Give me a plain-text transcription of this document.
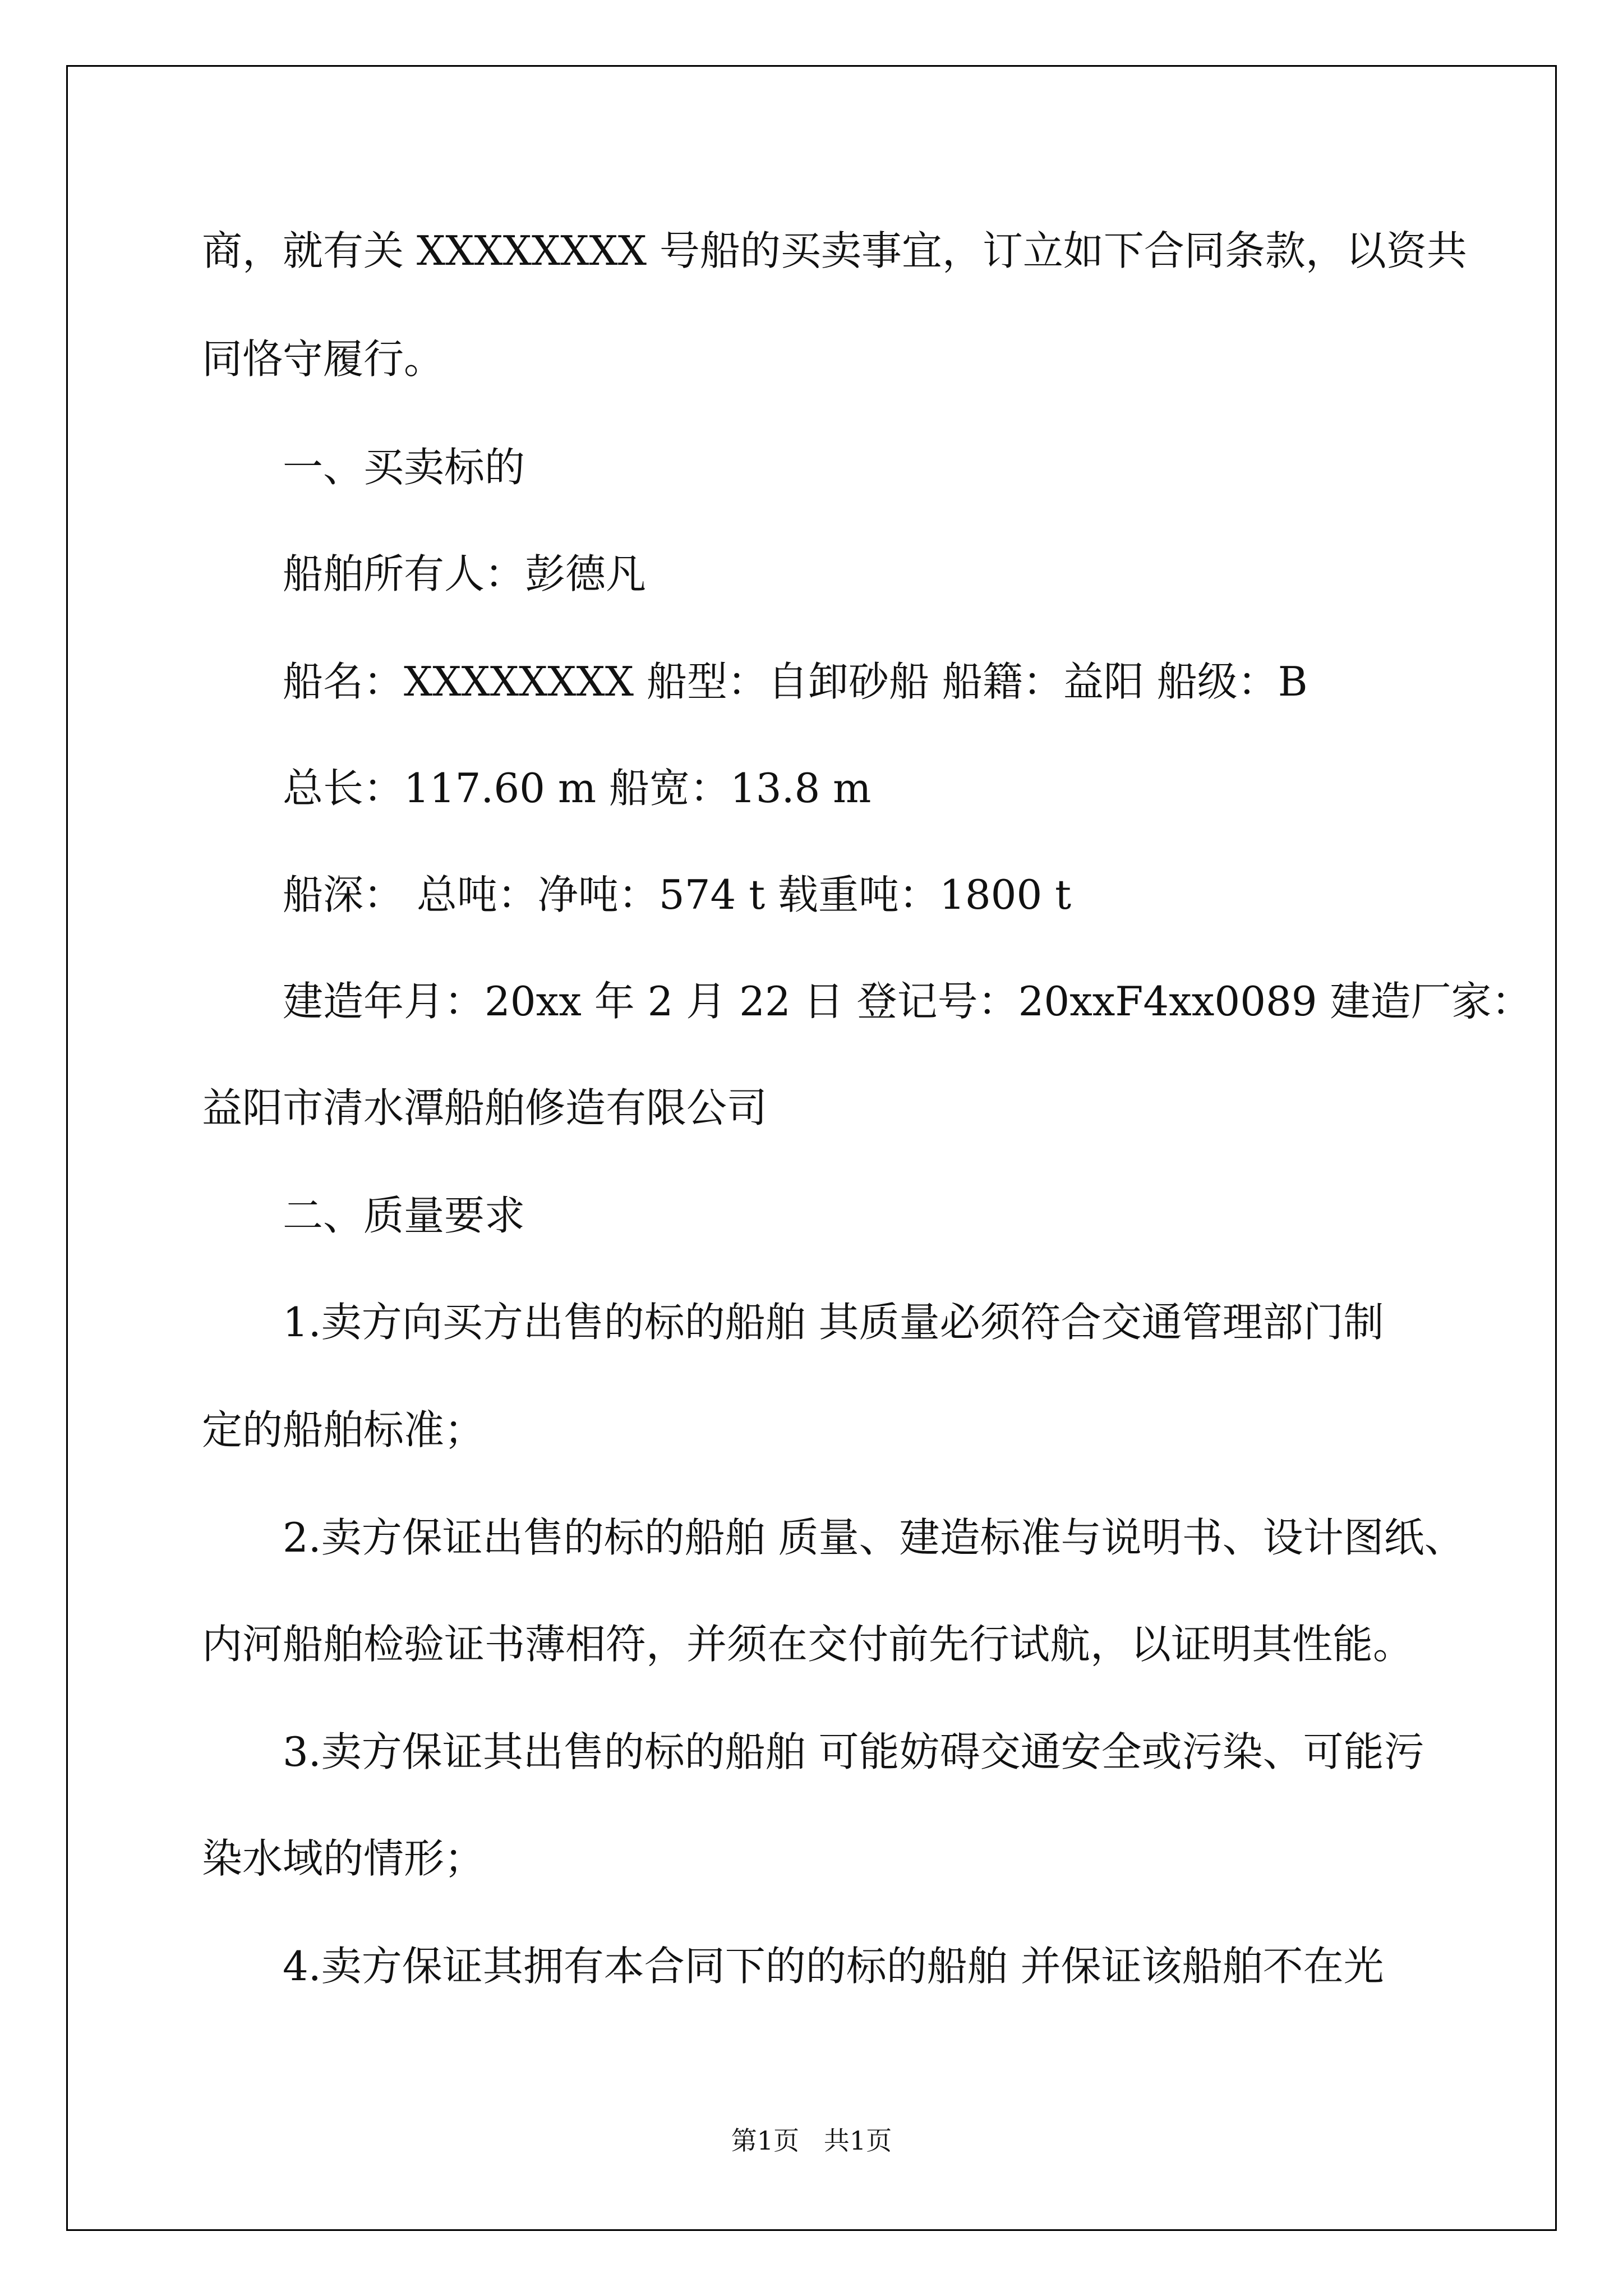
商，就有关 XXXXXXXX 号船的买卖事宜，订立如下合同条款，以资共
同恪守履行。
一、买卖标的
船舶所有人：彭德凡
船名：XXXXXXXX 船型：自卸砂船 船籍：益阳 船级：B
总长：117.60 m 船宽：13.8 m
船深： 总吨：净吨：574 t 载重吨：1800 t
建造年月：20xx 年 2 月 22 日 登记号：20xxF4xx0089 建造厂家：
益阳市清水潭船舶修造有限公司
二、质量要求
1.卖方向买方出售的标的船舶 其质量必须符合交通管理部门制
定的船舶标准；
2.卖方保证出售的标的船舶 质量、建造标准与说明书、设计图纸、
内河船舶检验证书薄相符，并须在交付前先行试航，以证明其性能。
3.卖方保证其出售的标的船舶 可能妨碍交通安全或污染、可能污
染水域的情形；
4.卖方保证其拥有本合同下的的标的船舶 并保证该船舶不在光
第1页   共1页
